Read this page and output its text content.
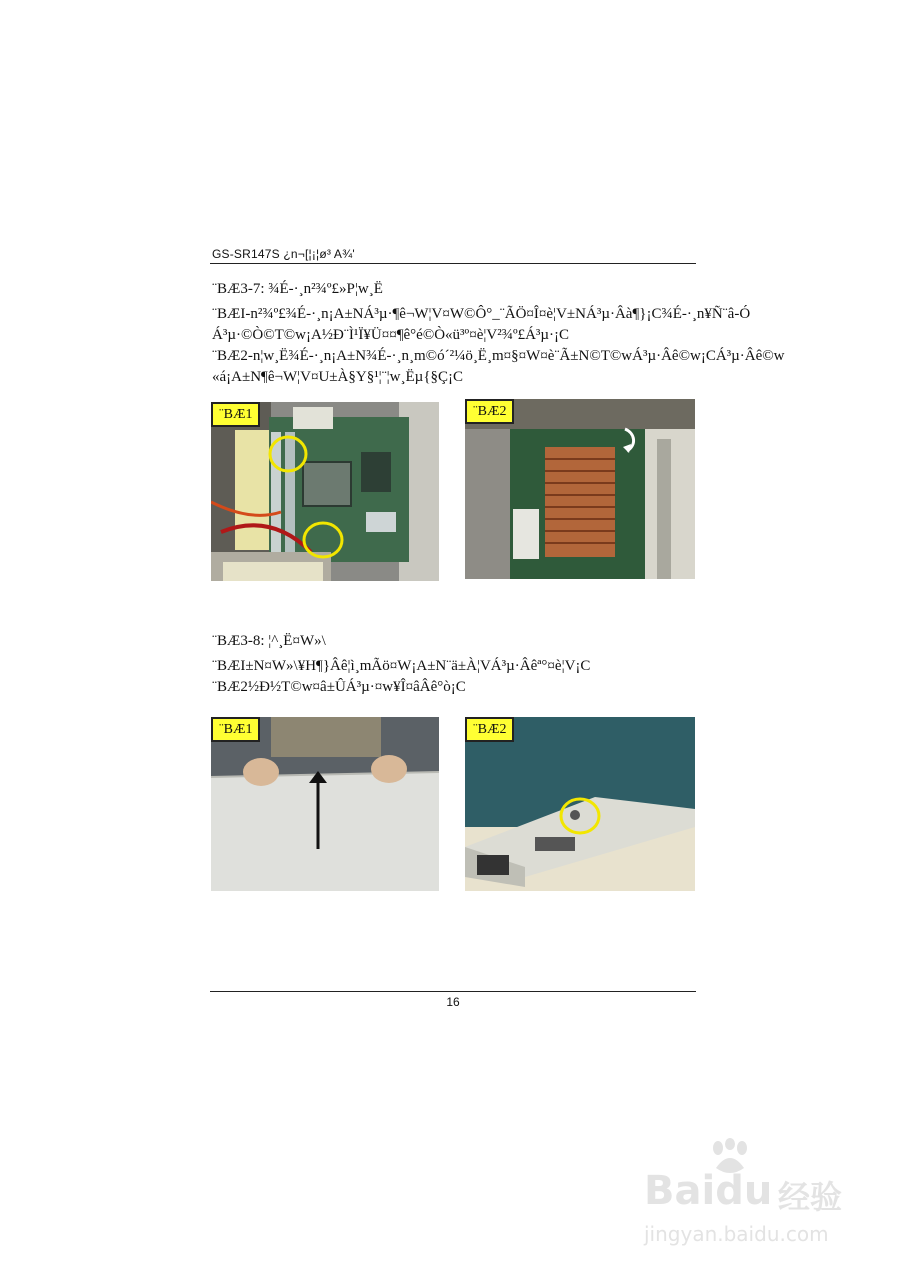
GS-SR147S ¿n¬[¦¡¦ø³ A¾'
¨BÆ3-7: ¾É-·¸n²¾º£»P¦w¸Ë
¨BÆI-n²¾º£¾É-·¸n¡A±NÁ³µ·¶ê¬W¦V¤W©Ô°_¨ÃÖ¤Î¤è¦V±NÁ³µ·Âà¶}¡C¾É-·¸n¥Ñ¨â-Ó
Á³µ·©Ò©T©w¡A½Ð¨Ì¹Ï¥Ü¤¤¶ê°é©Ò«ü³º¤è¦V²¾º£Á³µ·¡C
¨BÆ2-n¦w¸Ë¾É-·¸n¡A±N¾É-·¸n¸m©ó´²¼ö¸Ë¸m¤§¤W¤è¨Ã±N©T©wÁ³µ·Âê©w¡CÁ³µ·Âê©w
«á¡A±N¶ê¬W¦V¤U±À§Y§¹¦¨¦w¸Ëµ{§Ç¡C
¨BÆ1	¨BÆ2
¨BÆ3-8: ¦^¸Ë¤W»\
¨BÆI±N¤W»\¥H¶}Âê¦ì¸mÃö¤W¡A±N¨ä±À¦VÁ³µ·Âêª°¤è¦V¡C
¨BÆ2½Ð½T©w¤â±ÛÁ³µ·¤w¥Î¤âÂê°ò¡C
¨BÆ1	¨BÆ2
16
Baidu 经验
jingyan.baidu.com
